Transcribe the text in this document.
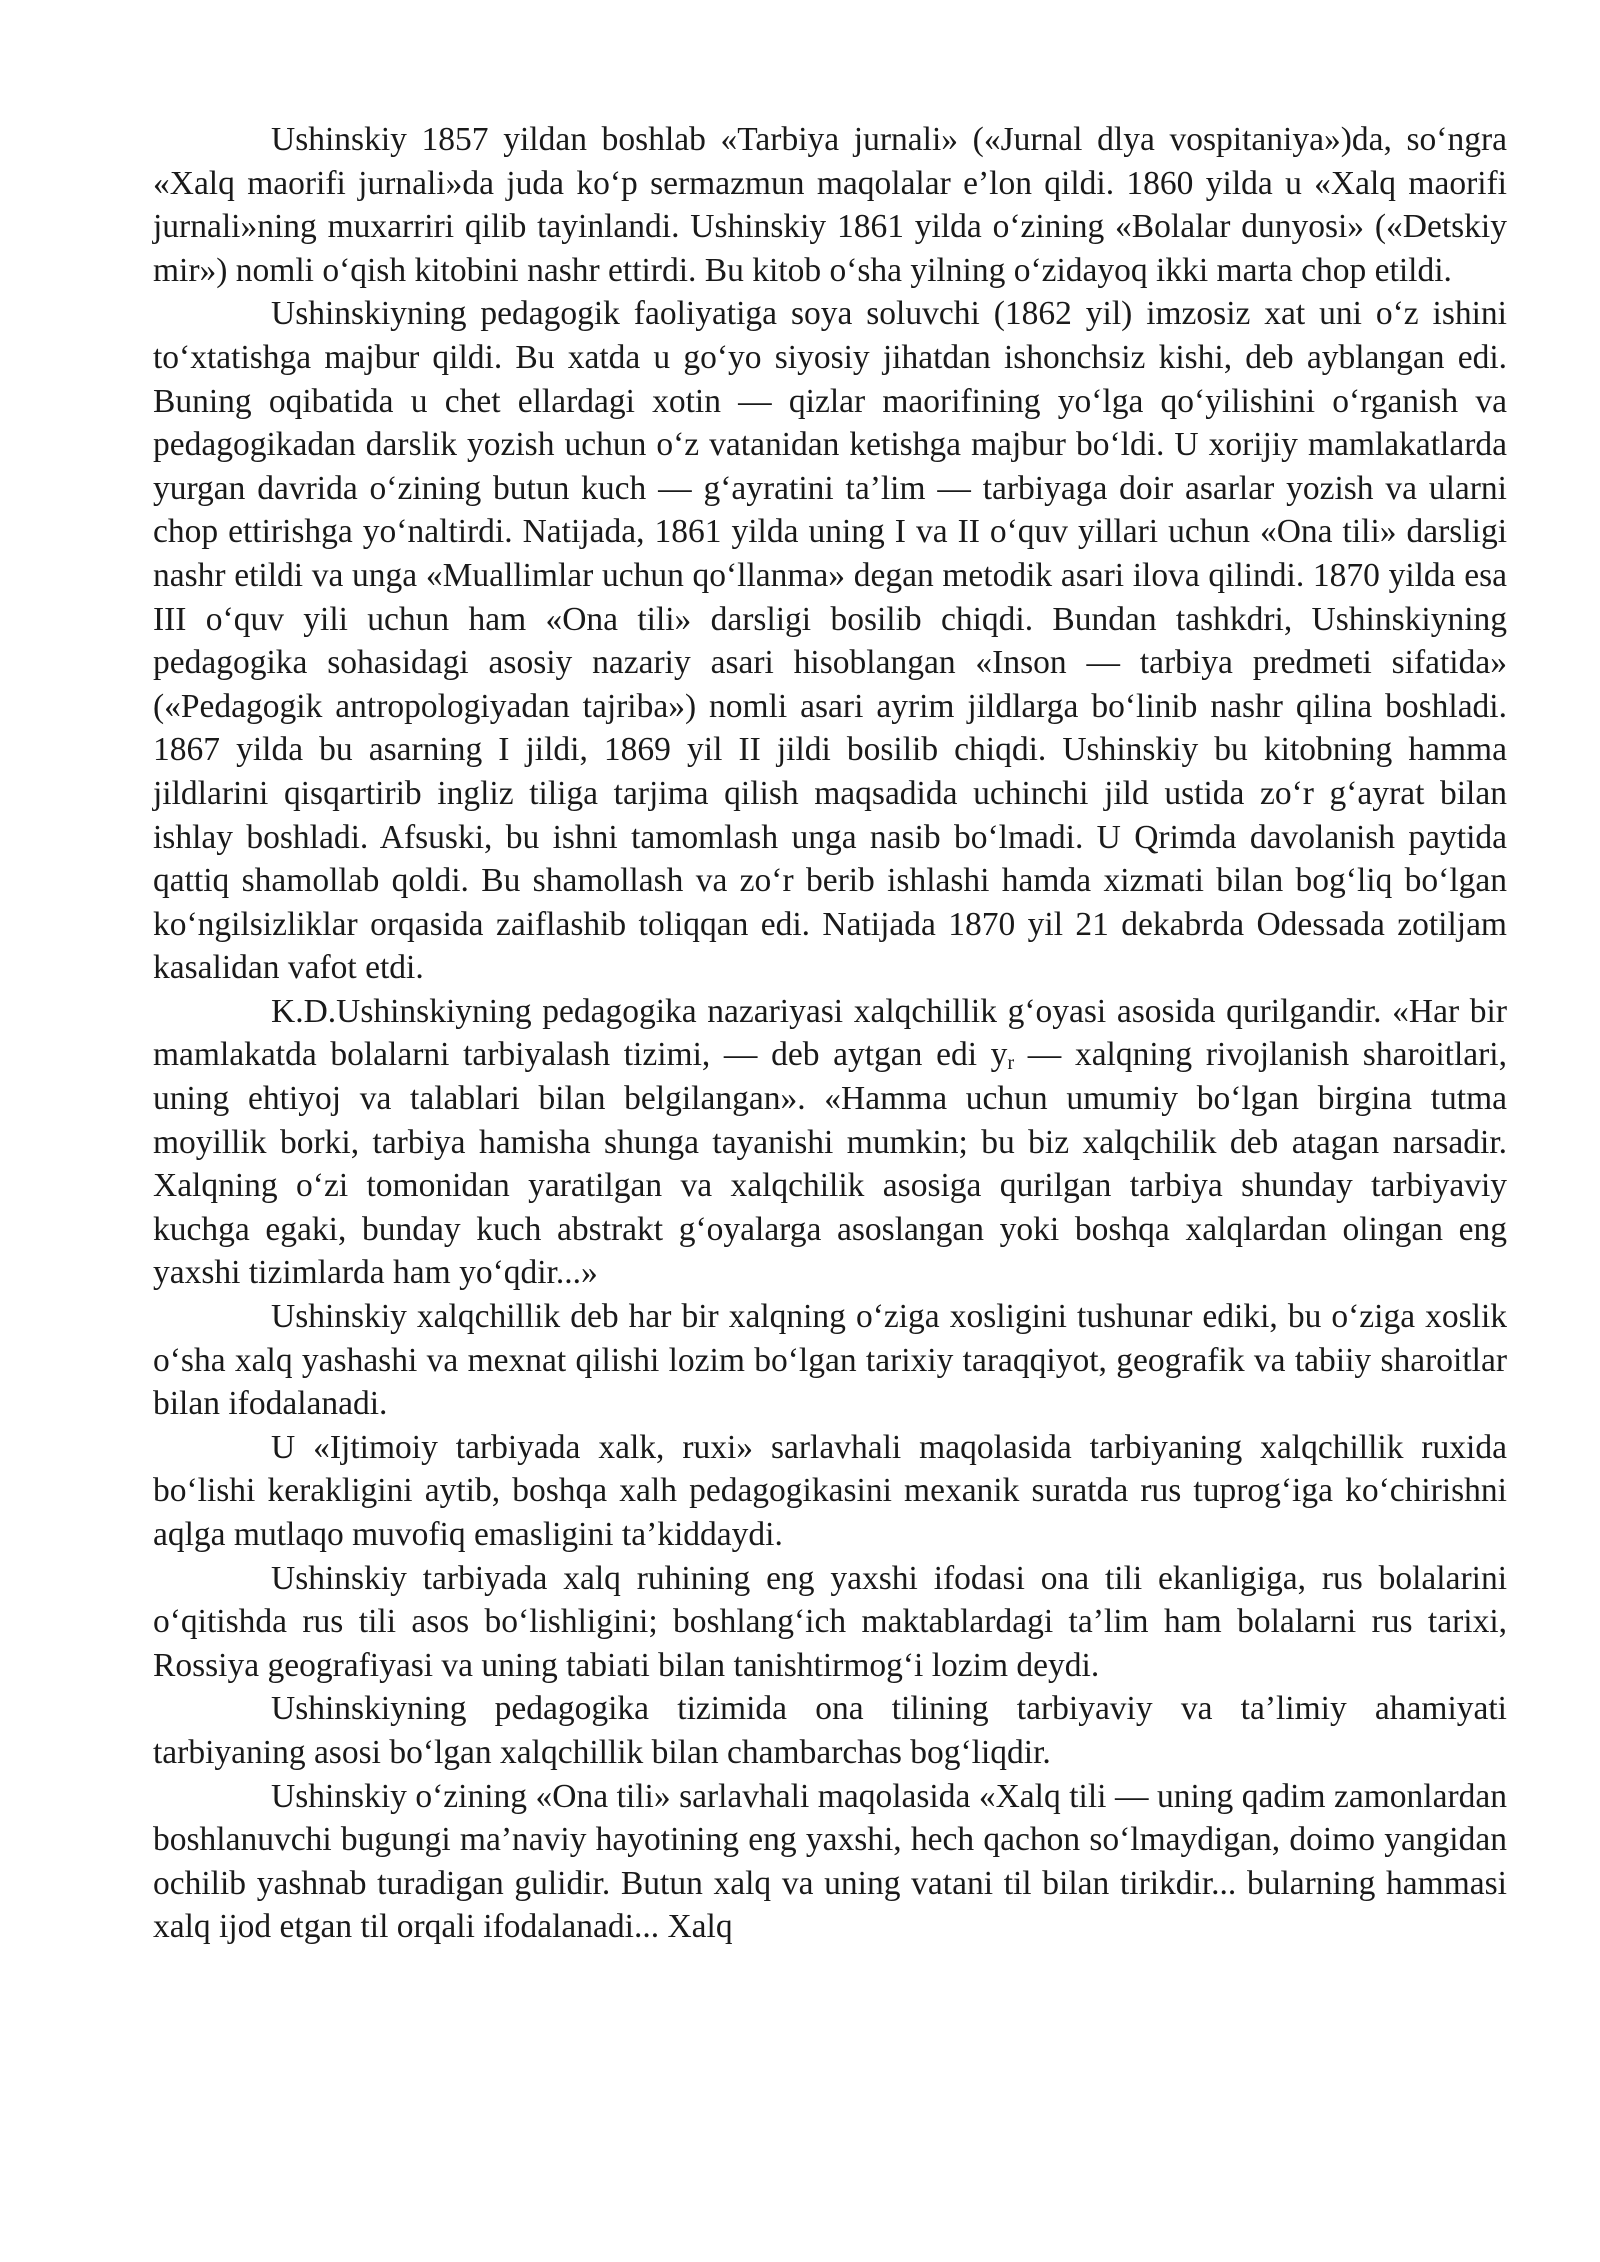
Ushinskiy 1857 yildan boshlab «Tarbiya jurnali» («Jurnal dlya vospitaniya»)da, so‘ngra «Xalq maorifi jurnali»da juda ko‘p sermazmun maqolalar e’lon qildi. 1860 yilda u «Xalq maorifi jurnali»ning muxarriri qilib tayinlandi. Ushinskiy 1861 yilda o‘zining «Bolalar dunyosi» («Detskiy mir») nomli o‘qish kitobini nashr ettirdi. Bu kitob o‘sha yilning o‘zidayoq ikki marta chop etildi.

Ushinskiyning pedagogik faoliyatiga soya soluvchi (1862 yil) imzosiz xat uni o‘z ishini to‘xtatishga majbur qildi. Bu xatda u go‘yo siyosiy jihatdan ishonchsiz kishi, deb ayblangan edi. Buning oqibatida u chet ellardagi xotin — qizlar maorifining yo‘lga qo‘yilishini o‘rganish va pedagogikadan darslik yozish uchun o‘z vatanidan ketishga majbur bo‘ldi. U xorijiy mamlakatlarda yurgan davrida o‘zining butun kuch — g‘ayratini ta’lim — tarbiyaga doir asarlar yozish va ularni chop ettirishga yo‘naltirdi. Natijada, 1861 yilda uning I va II o‘quv yillari uchun «Ona tili» darsligi nashr etildi va unga «Muallimlar uchun qo‘llanma» degan metodik asari ilova qilindi. 1870 yilda esa III o‘quv yili uchun ham «Ona tili» darsligi bosilib chiqdi. Bundan tashkdri, Ushinskiyning pedagogika sohasidagi asosiy nazariy asari hisoblangan «Inson — tarbiya predmeti sifatida» («Pedagogik antropologiyadan tajriba») nomli asari ayrim jildlarga bo‘linib nashr qilina boshladi. 1867 yilda bu asarning I jildi, 1869 yil II jildi bosilib chiqdi. Ushinskiy bu kitobning hamma jildlarini qisqartirib ingliz tiliga tarjima qilish maqsadida uchinchi jild ustida zo‘r g‘ayrat bilan ishlay boshladi. Afsuski, bu ishni tamomlash unga nasib bo‘lmadi. U Qrimda davolanish paytida qattiq shamollab qoldi. Bu shamollash va zo‘r berib ishlashi hamda xizmati bilan bog‘liq bo‘lgan ko‘ngilsizliklar orqasida zaiflashib toliqqan edi. Natijada 1870 yil 21 dekabrda Odessada zotiljam kasalidan vafot etdi.

K.D.Ushinskiyning pedagogika nazariyasi xalqchillik g‘oyasi asosida qurilgandir. «Har bir mamlakatda bolalarni tarbiyalash tizimi, — deb aytgan edi $y_r$ — xalqning rivojlanish sharoitlari, uning ehtiyoj va talablari bilan belgilangan». «Hamma uchun umumiy bo‘lgan birgina tutma moyillik borki, tarbiya hamisha shunga tayanishi mumkin; bu biz xalqchilik deb atagan narsadir. Xalqning o‘zi tomonidan yaratilgan va xalqchilik asosiga qurilgan tarbiya shunday tarbiyaviy kuchga egaki, bunday kuch abstrakt g‘oyalarga asoslangan yoki boshqa xalqlardan olingan eng yaxshi tizimlarda ham yo‘qdir...»

Ushinskiy xalqchillik deb har bir xalqning o‘ziga xosligini tushunar ediki, bu o‘ziga xoslik o‘sha xalq yashashi va mexnat qilishi lozim bo‘lgan tarixiy taraqqiyot, geografik va tabiiy sharoitlar bilan ifodalanadi.

U «Ijtimoiy tarbiyada xalk, ruxi» sarlavhali maqolasida tarbiyaning xalqchillik ruxida bo‘lishi kerakligini aytib, boshqa xalh pedagogikasini mexanik suratda rus tuprog‘iga ko‘chirishni aqlga mutlaqo muvofiq emasligini ta’kiddaydi.

Ushinskiy tarbiyada xalq ruhining eng yaxshi ifodasi ona tili ekanligiga, rus bolalarini o‘qitishda rus tili asos bo‘lishligini; boshlang‘ich maktablardagi ta’lim ham bolalarni rus tarixi, Rossiya geografiyasi va uning tabiati bilan tanishtirmog‘i lozim deydi.

Ushinskiyning pedagogika tizimida ona tilining tarbiyaviy va ta’limiy ahamiyati tarbiyaning asosi bo‘lgan xalqchillik bilan chambarchas bog‘liqdir.

Ushinskiy o‘zining «Ona tili» sarlavhali maqolasida «Xalq tili — uning qadim zamonlardan boshlanuvchi bugungi ma’naviy hayotining eng yaxshi, hech qachon so‘lmaydigan, doimo yangidan ochilib yashnab turadigan gulidir. Butun xalq va uning vatani til bilan tirikdir... bularning hammasi xalq ijod etgan til orqali ifodalanadi... Xalq
